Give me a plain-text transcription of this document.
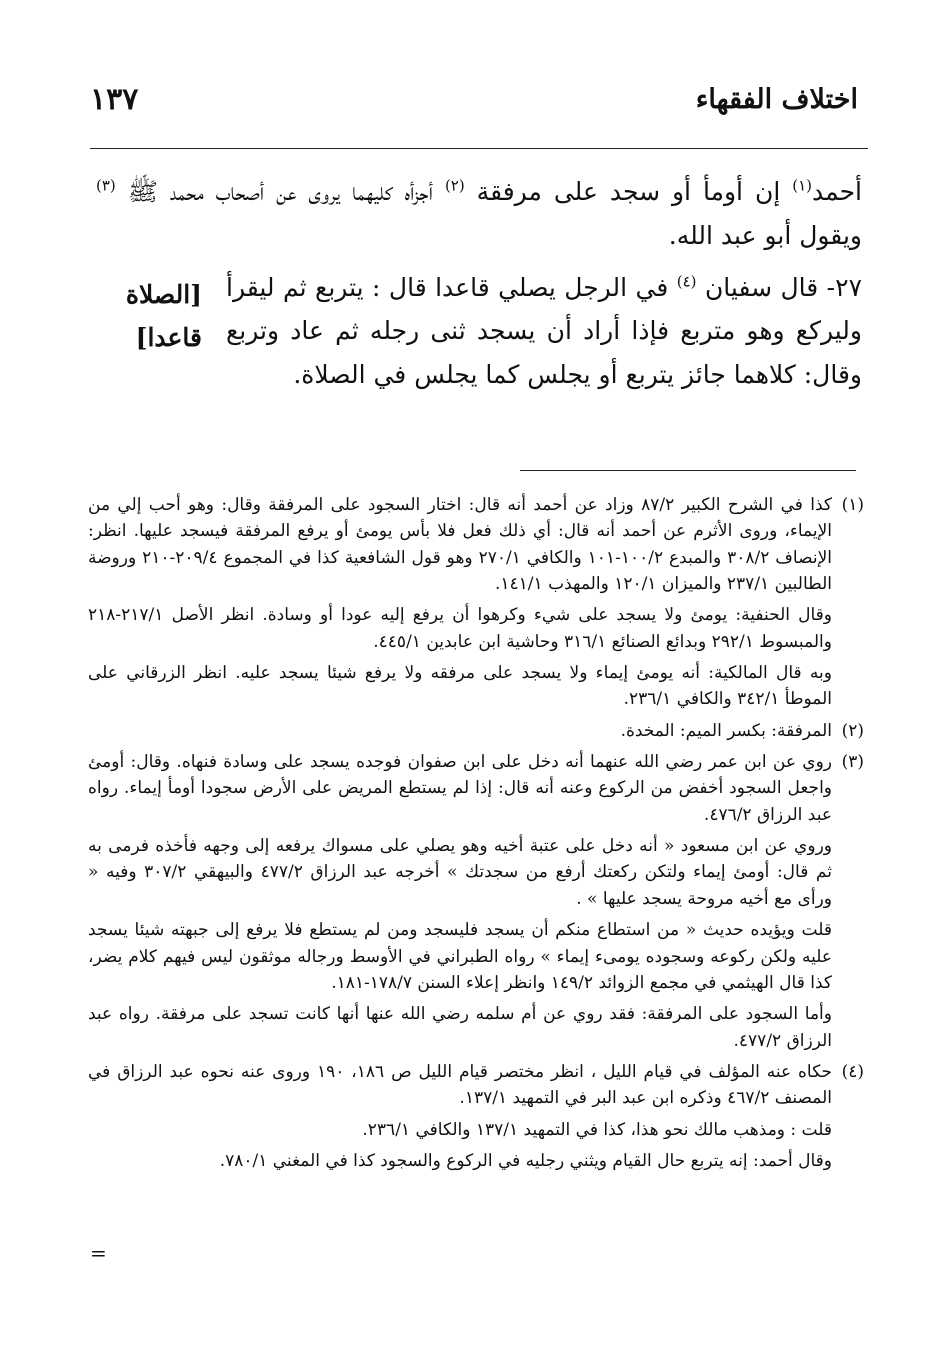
اختلاف الفقهاء
١٣٧

أحمد$^{(١)}$ إن أومأ أو سجد على مرفقة $^{(٢)}$ أجزأه كليهما يروى عن أصحاب محمد ﷺ $^{(٣)}$ ويقول أبو عبد الله.

٢٧- قال سفيان $^{(٤)}$ في الرجل يصلي قاعدا قال : يتربع ثم ليقرأ وليركع وهو متربع فإذا أراد أن يسجد ثنى رجله ثم عاد وتربع وقال: كلاهما جائز يتربع أو يجلس كما يجلس في الصلاة.

[الصلاة
قاعدا]
(١)
كذا في الشرح الكبير ٨٧/٢ وزاد عن أحمد أنه قال: اختار السجود على المرفقة وقال: وهو أحب إلي من الإيماء، وروى الأثرم عن أحمد أنه قال: أي ذلك فعل فلا بأس يومئ أو يرفع المرفقة فيسجد عليها. انظر: الإنصاف ٣٠٨/٢ والمبدع ١٠٠/٢-١٠١ والكافي ٢٧٠/١ وهو قول الشافعية كذا في المجموع ٢٠٩/٤-٢١٠ وروضة الطالبين ٢٣٧/١ والميزان ١٢٠/١ والمهذب ١٤١/١.

وقال الحنفية: يومئ ولا يسجد على شيء وكرهوا أن يرفع إليه عودا أو وسادة. انظر الأصل ٢١٧/١-٢١٨ والمبسوط ٢٩٢/١ وبدائع الصنائع ٣١٦/١ وحاشية ابن عابدين ٤٤٥/١.

وبه قال المالكية: أنه يومئ إيماء ولا يسجد على مرفقه ولا يرفع شيئا يسجد عليه. انظر الزرقاني على الموطأ ٣٤٢/١ والكافي ٢٣٦/١.

(٢)
المرفقة: بكسر الميم: المخدة.
(٣)
روي عن ابن عمر رضي الله عنهما أنه دخل على ابن صفوان فوجده يسجد على وسادة فنهاه. وقال: أومئ واجعل السجود أخفض من الركوع وعنه أنه قال: إذا لم يستطع المريض على الأرض سجودا أومأ إيماء. رواه عبد الرزاق ٤٧٦/٢.

وروي عن ابن مسعود « أنه دخل على عتبة أخيه وهو يصلي على مسواك يرفعه إلى وجهه فأخذه فرمى به ثم قال: أومئ إيماء ولتكن ركعتك أرفع من سجدتك » أخرجه عبد الرزاق ٤٧٧/٢ والبيهقي ٣٠٧/٢ وفيه « ورأى مع أخيه مروحة يسجد عليها » .

قلت ويؤيده حديث « من استطاع منكم أن يسجد فليسجد ومن لم يستطع فلا يرفع إلى جبهته شيئا يسجد عليه ولكن ركوعه وسجوده يومىء إيماء » رواه الطبراني في الأوسط ورجاله موثقون ليس فيهم كلام يضر، كذا قال الهيثمي في مجمع الزوائد ١٤٩/٢ وانظر إعلاء السنن ١٧٨/٧-١٨١.

وأما السجود على المرفقة: فقد روي عن أم سلمه رضي الله عنها أنها كانت تسجد على مرفقة. رواه عبد الرزاق ٤٧٧/٢.

(٤)
حكاه عنه المؤلف في قيام الليل ، انظر مختصر قيام الليل ص ١٨٦، ١٩٠ وروى عنه نحوه عبد الرزاق في المصنف ٤٦٧/٢ وذكره ابن عبد البر في التمهيد ١٣٧/١.

قلت : ومذهب مالك نحو هذا، كذا في التمهيد ١٣٧/١ والكافي ٢٣٦/١.

وقال أحمد: إنه يتربع حال القيام ويثني رجليه في الركوع والسجود كذا في المغني ٧٨٠/١.

=
